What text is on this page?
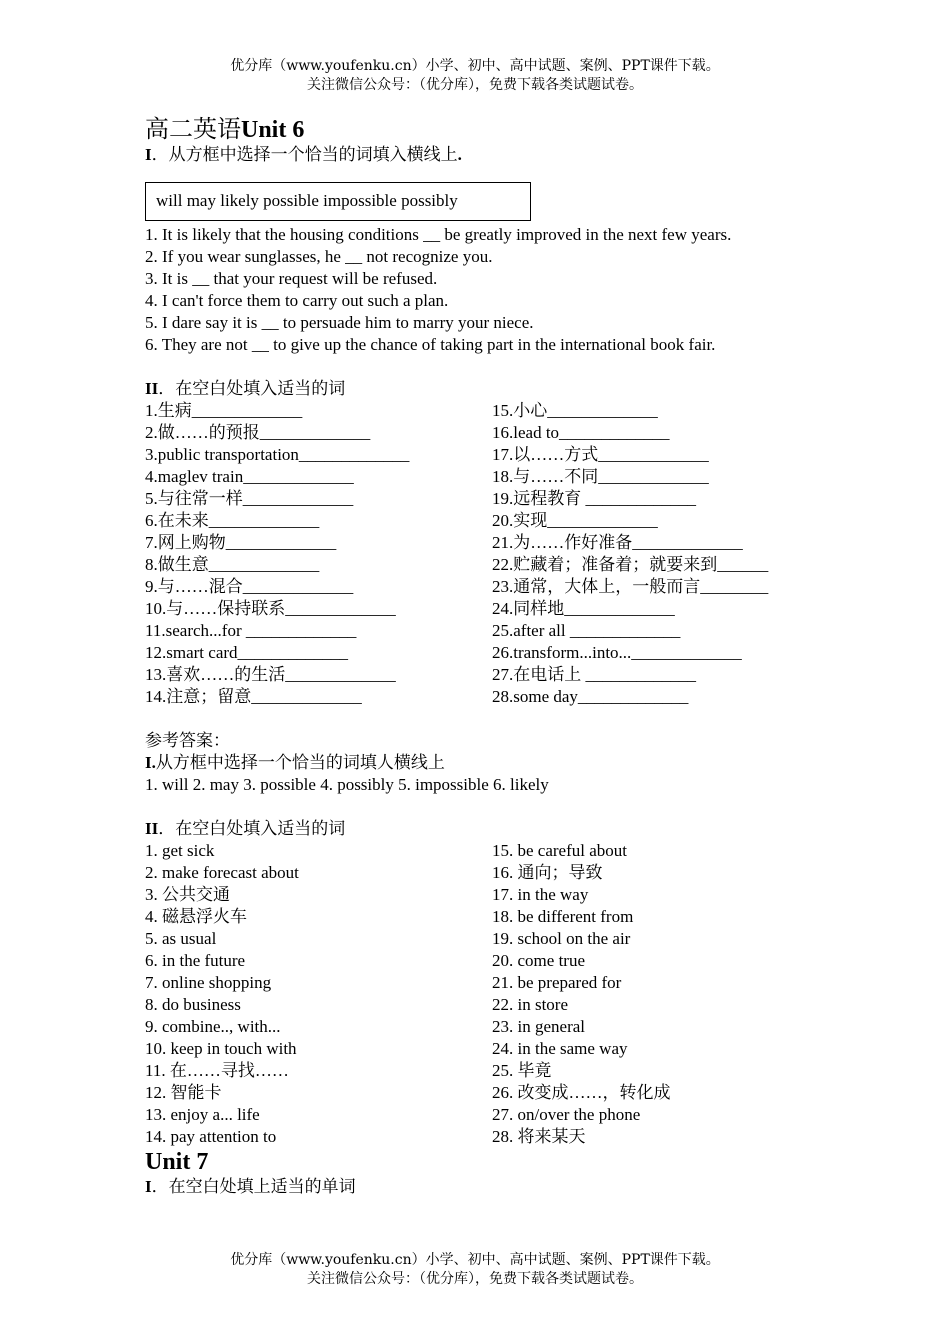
优分库（www.youfenku.cn）小学、初中、高中试题、案例、PPT课件下载。
关注微信公众号：（优分库），免费下载各类试题试卷。
高二英语Unit 6

I．从方框中选择一个恰当的词填入横线上.

will may likely possible impossible possibly

1. It is likely that the housing conditions __ be greatly improved in the next few years.

2. If you wear sunglasses, he __ not recognize you.

3. It is __ that your request will be refused.

4. I can't force them to carry out such a plan.

5. I dare say it is __ to persuade him to marry your niece.

6. They are not __ to give up the chance of taking part in the international book fair.

II．在空白处填入适当的词

1.生病_____________	15.小心_____________
2.做……的预报_____________	16.lead to_____________
3.public transportation_____________	17.以……方式_____________
4.maglev train_____________	18.与……不同_____________
5.与往常一样_____________	19.远程教育 _____________
6.在未来_____________	20.实现_____________
7.网上购物_____________	21.为……作好准备_____________
8.做生意_____________	22.贮藏着；准备着；就要来到______
9.与……混合_____________	23.通常，大体上，一般而言________
10.与……保持联系_____________	24.同样地_____________
11.search...for _____________	25.after all _____________
12.smart card_____________	26.transform...into..._____________
13.喜欢……的生活_____________	27.在电话上 _____________
14.注意；留意_____________	28.some day_____________

参考答案：

I.从方框中选择一个恰当的词填人横线上

1. will 2. may 3. possible 4. possibly 5. impossible 6. likely

II．在空白处填入适当的词

1. get sick	15. be careful about
2. make forecast about	16. 通向；导致
3. 公共交通	17. in the way
4. 磁悬浮火车	18. be different from
5. as usual	19. school on the air
6. in the future	20. come true
7. online shopping	21. be prepared for
8. do business	22. in store
9. combine.., with...	23. in general
10. keep in touch with	24. in the same way
11. 在……寻找……	25. 毕竟
12. 智能卡	26. 改变成……，转化成
13. enjoy a... life	27. on/over the phone
14. pay attention to	28. 将来某天

Unit 7

I．在空白处填上适当的单词

优分库（www.youfenku.cn）小学、初中、高中试题、案例、PPT课件下载。
关注微信公众号：（优分库），免费下载各类试题试卷。
